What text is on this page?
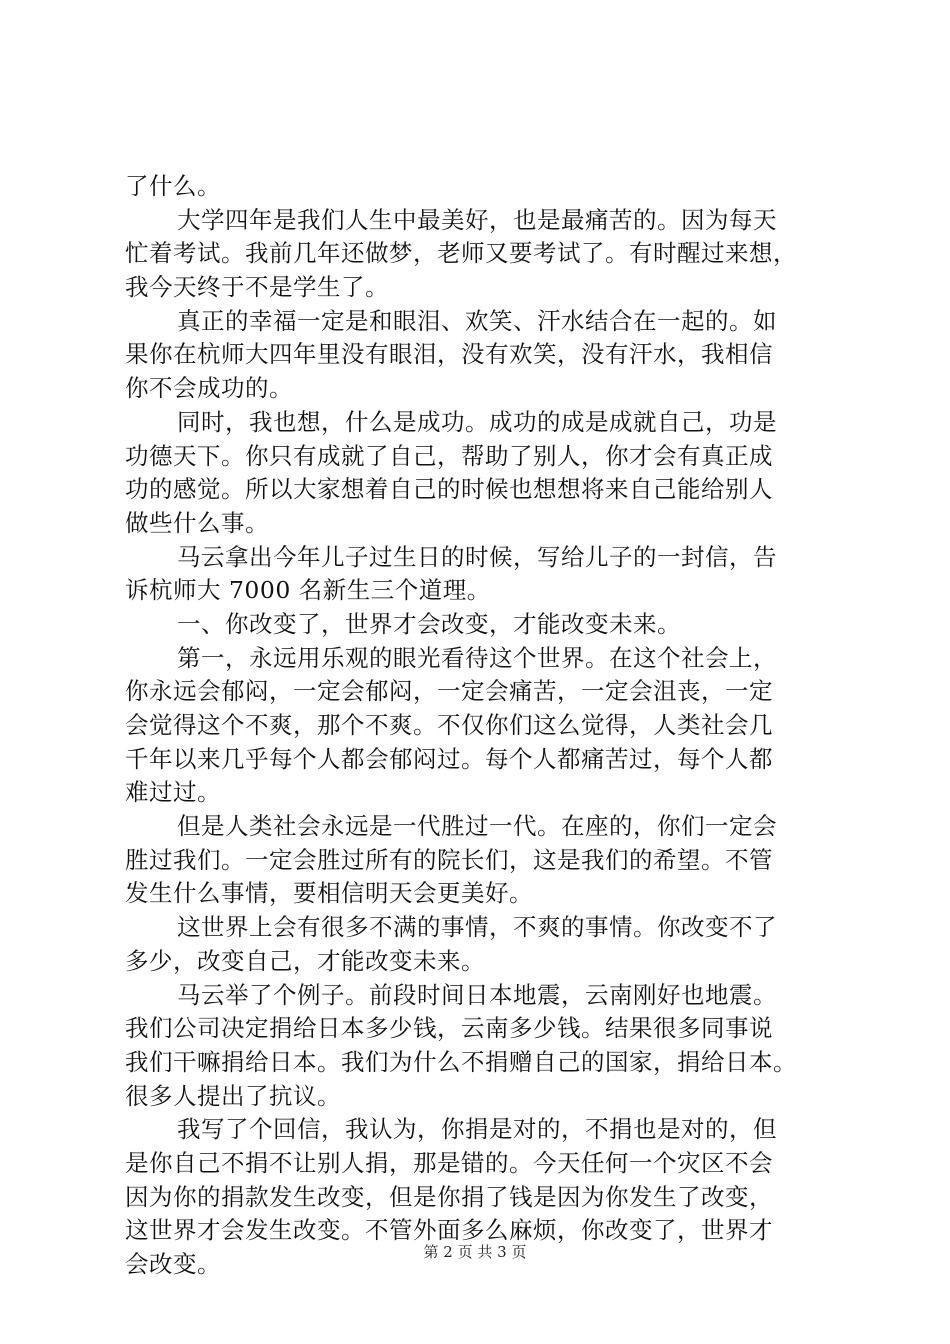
了什么。
大学四年是我们人生中最美好，也是最痛苦的。因为每天
忙着考试。我前几年还做梦，老师又要考试了。有时醒过来想，
我今天终于不是学生了。
真正的幸福一定是和眼泪、欢笑、汗水结合在一起的。如
果你在杭师大四年里没有眼泪，没有欢笑，没有汗水，我相信
你不会成功的。
同时，我也想，什么是成功。成功的成是成就自己，功是
功德天下。你只有成就了自己，帮助了别人，你才会有真正成
功的感觉。所以大家想着自己的时候也想想将来自己能给别人
做些什么事。
马云拿出今年儿子过生日的时候，写给儿子的一封信，告
诉杭师大 7000 名新生三个道理。
一、你改变了，世界才会改变，才能改变未来。
第一，永远用乐观的眼光看待这个世界。在这个社会上，
你永远会郁闷，一定会郁闷，一定会痛苦，一定会沮丧，一定
会觉得这个不爽，那个不爽。不仅你们这么觉得，人类社会几
千年以来几乎每个人都会郁闷过。每个人都痛苦过，每个人都
难过过。
但是人类社会永远是一代胜过一代。在座的，你们一定会
胜过我们。一定会胜过所有的院长们，这是我们的希望。不管
发生什么事情，要相信明天会更美好。
这世界上会有很多不满的事情，不爽的事情。你改变不了
多少，改变自己，才能改变未来。
马云举了个例子。前段时间日本地震，云南刚好也地震。
我们公司决定捐给日本多少钱，云南多少钱。结果很多同事说
我们干嘛捐给日本。我们为什么不捐赠自己的国家，捐给日本。
很多人提出了抗议。
我写了个回信，我认为，你捐是对的，不捐也是对的，但
是你自己不捐不让别人捐，那是错的。今天任何一个灾区不会
因为你的捐款发生改变，但是你捐了钱是因为你发生了改变，
这世界才会发生改变。不管外面多么麻烦，你改变了，世界才
会改变。	第 2 页 共 3 页
